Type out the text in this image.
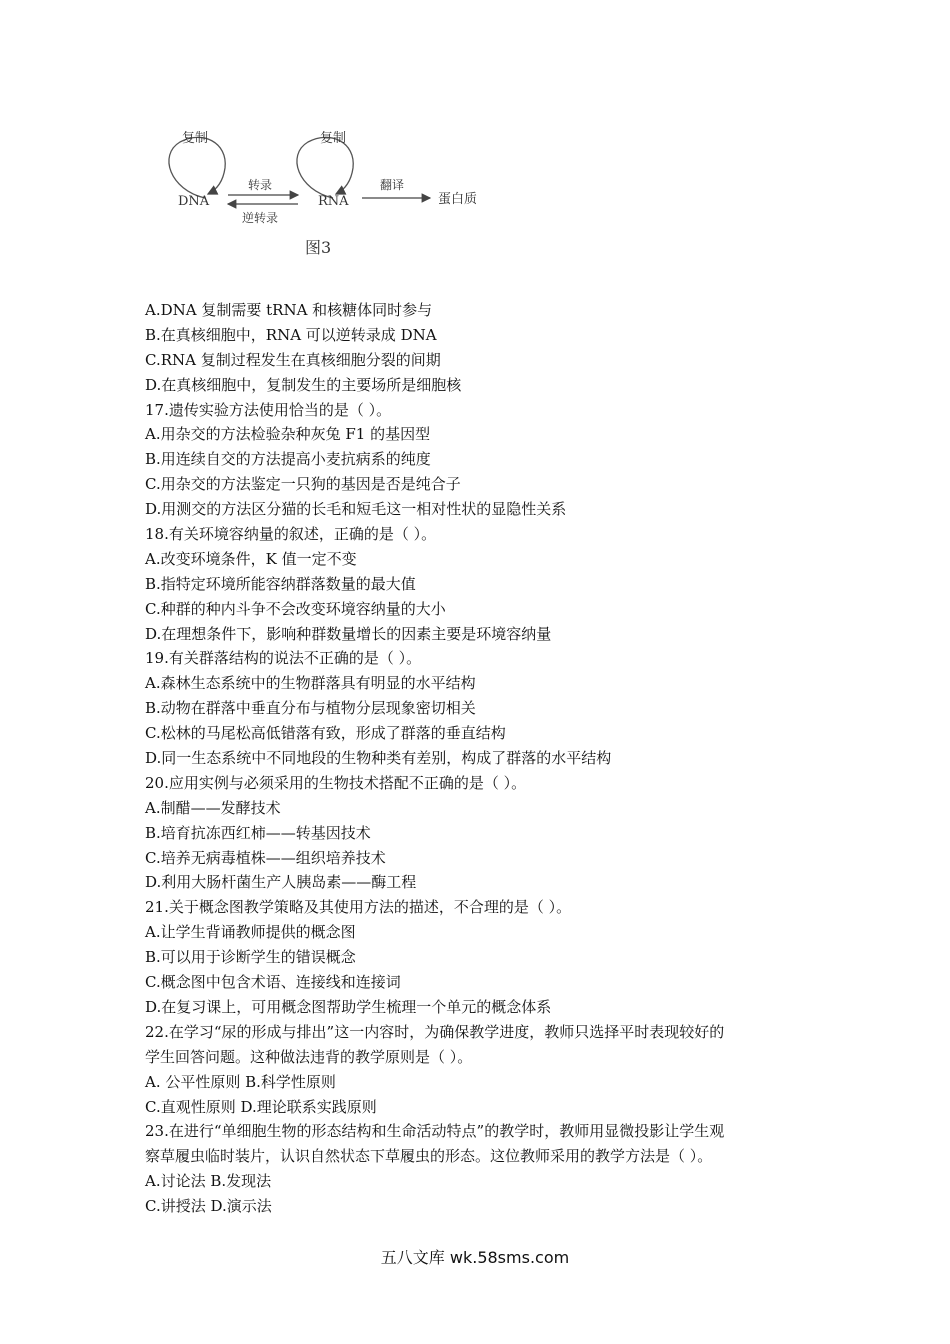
复制
DNA
转录
逆转录
复制
RNA
翻译
蛋白质
图3
A.DNA 复制需要 tRNA 和核糖体同时参与
B.在真核细胞中，RNA 可以逆转录成 DNA
C.RNA 复制过程发生在真核细胞分裂的间期
D.在真核细胞中，复制发生的主要场所是细胞核
17.遗传实验方法使用恰当的是（ ）。
A.用杂交的方法检验杂种灰兔 F1 的基因型
B.用连续自交的方法提高小麦抗病系的纯度
C.用杂交的方法鉴定一只狗的基因是否是纯合子
D.用测交的方法区分猫的长毛和短毛这一相对性状的显隐性关系
18.有关环境容纳量的叙述，正确的是（ ）。
A.改变环境条件，K 值一定不变
B.指特定环境所能容纳群落数量的最大值
C.种群的种内斗争不会改变环境容纳量的大小
D.在理想条件下，影响种群数量增长的因素主要是环境容纳量
19.有关群落结构的说法不正确的是（ ）。
A.森林生态系统中的生物群落具有明显的水平结构
B.动物在群落中垂直分布与植物分层现象密切相关
C.松林的马尾松高低错落有致，形成了群落的垂直结构
D.同一生态系统中不同地段的生物种类有差别，构成了群落的水平结构
20.应用实例与必须采用的生物技术搭配不正确的是（ ）。
A.制醋——发酵技术
B.培育抗冻西红柿——转基因技术
C.培养无病毒植株——组织培养技术
D.利用大肠杆菌生产人胰岛素——酶工程
21.关于概念图教学策略及其使用方法的描述，不合理的是（ ）。
A.让学生背诵教师提供的概念图
B.可以用于诊断学生的错误概念
C.概念图中包含术语、连接线和连接词
D.在复习课上，可用概念图帮助学生梳理一个单元的概念体系
22.在学习“尿的形成与排出”这一内容时，为确保教学进度，教师只选择平时表现较好的
学生回答问题。这种做法违背的教学原则是（ ）。
A. 公平性原则 B.科学性原则
C.直观性原则 D.理论联系实践原则
23.在进行“单细胞生物的形态结构和生命活动特点”的教学时，教师用显微投影让学生观
察草履虫临时装片，认识自然状态下草履虫的形态。这位教师采用的教学方法是（ ）。
A.讨论法 B.发现法
C.讲授法 D.演示法
五八文库 wk.58sms.com
